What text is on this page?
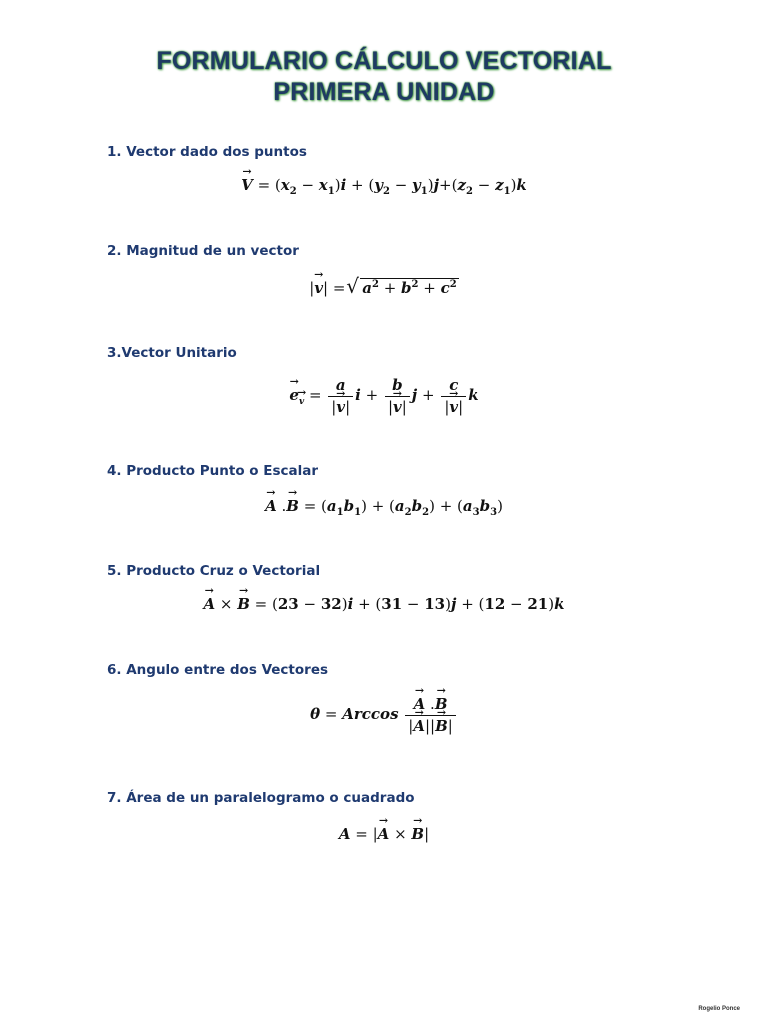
FORMULARIO CÁLCULO VECTORIAL
PRIMERA UNIDAD
1. Vector dado dos puntos
→ $V = (x_2 - x_1)i + (y_2 - y_1)j+(z_2 - z_1)k$
2. Magnitud de un vector
|→ v| =
√ $a^2 + b^2 + c^2$
3.Vector Unitario
→ $e\to _v = \frac{a}{|\to v|}$ $i + \frac{b}{|\to v|}$ $j + \frac{c}{|\to v|}$ k
4. Producto Punto o Escalar
→ A .→ $B = (a_1b_1) + (a_2b_2) + (a_3b_3)$
5. Producto Cruz o Vectorial
→ A × → B = (23 − 32)i + (31 − 13)j + (12 − 21)k
6. Angulo entre dos Vectores
θ = Arccos
→ $\frac{A .\to B}{|\to A||\to B|}$
7. Área de un paralelogramo o cuadrado
A = |→ A × → B|
Rogelio Ponce
